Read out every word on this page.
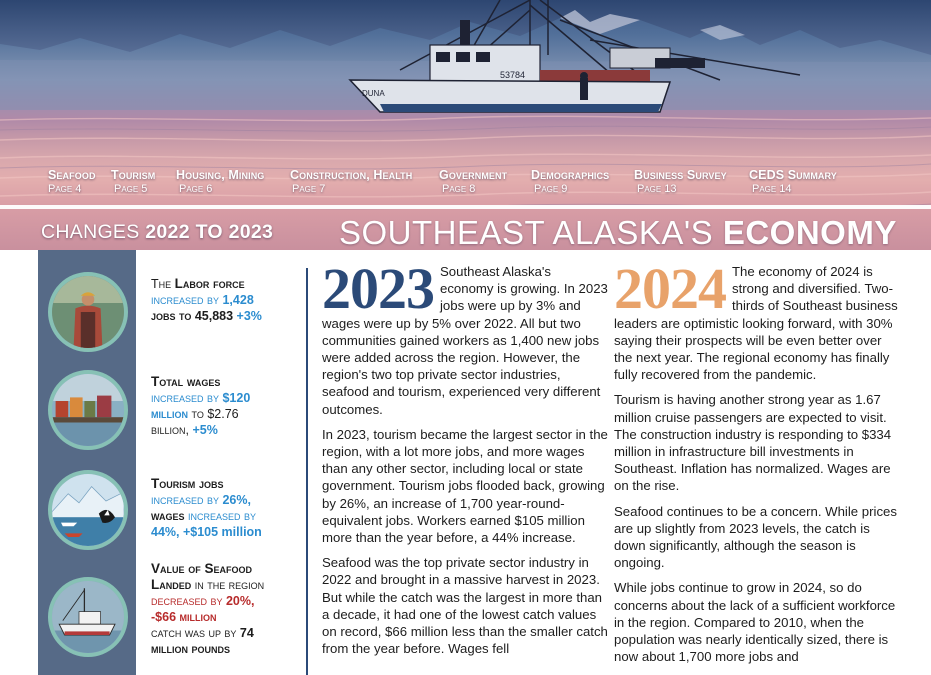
DUNA
53784
Seafood
Page 4
Tourism
Page 5
Housing, Mining
Page 6
Construction, Health
Page 7
Government
Page 8
Demographics
Page 9
Business Survey
Page 13
CEDS Summary
Page 14
CHANGES 2022 TO 2023 SOUTHEAST ALASKA'S ECONOMY
The Labor force
increased by 1,428
jobs to 45,883 +3%
Total wages
increased by $120
million to $2.76
billion, +5%
Tourism jobs
increased by 26%,
wages increased by
44%, +$105 million
Value of Seafood
Landed in the region
decreased by 20%,
-$66 million
catch was up by 74
million pounds
2023 Southeast Alaska's economy is growing. In 2023 jobs were up by 3% and wages were up by 5% over 2022. All but two communities gained workers as 1,400 new jobs were added across the region. However, the region's two top private sector industries, seafood and tourism, experienced very different outcomes.

In 2023, tourism became the largest sector in the region, with a lot more jobs, and more wages than any other sector, including local or state government. Tourism jobs flooded back, growing by 26%, an increase of 1,700 year-round-equivalent jobs. Workers earned $105 million more than the year before, a 44% increase.

Seafood was the top private sector industry in 2022 and brought in a massive harvest in 2023. But while the catch was the largest in more than a decade, it had one of the lowest catch values on record, $66 million less than the smaller catch from the year before. Wages fell

2024 The economy of 2024 is strong and diversified. Two-thirds of Southeast business leaders are optimistic looking forward, with 30% saying their prospects will be even better over the next year. The regional economy has finally fully recovered from the pandemic.

Tourism is having another strong year as 1.67 million cruise passengers are expected to visit. The construction industry is responding to $334 million in infrastructure bill investments in Southeast. Inflation has normalized. Wages are on the rise.

Seafood continues to be a concern. While prices are up slightly from 2023 levels, the catch is down significantly, although the season is ongoing.

While jobs continue to grow in 2024, so do concerns about the lack of a sufficient workforce in the region. Compared to 2010, when the population was nearly identically sized, there is now about 1,700 more jobs and
